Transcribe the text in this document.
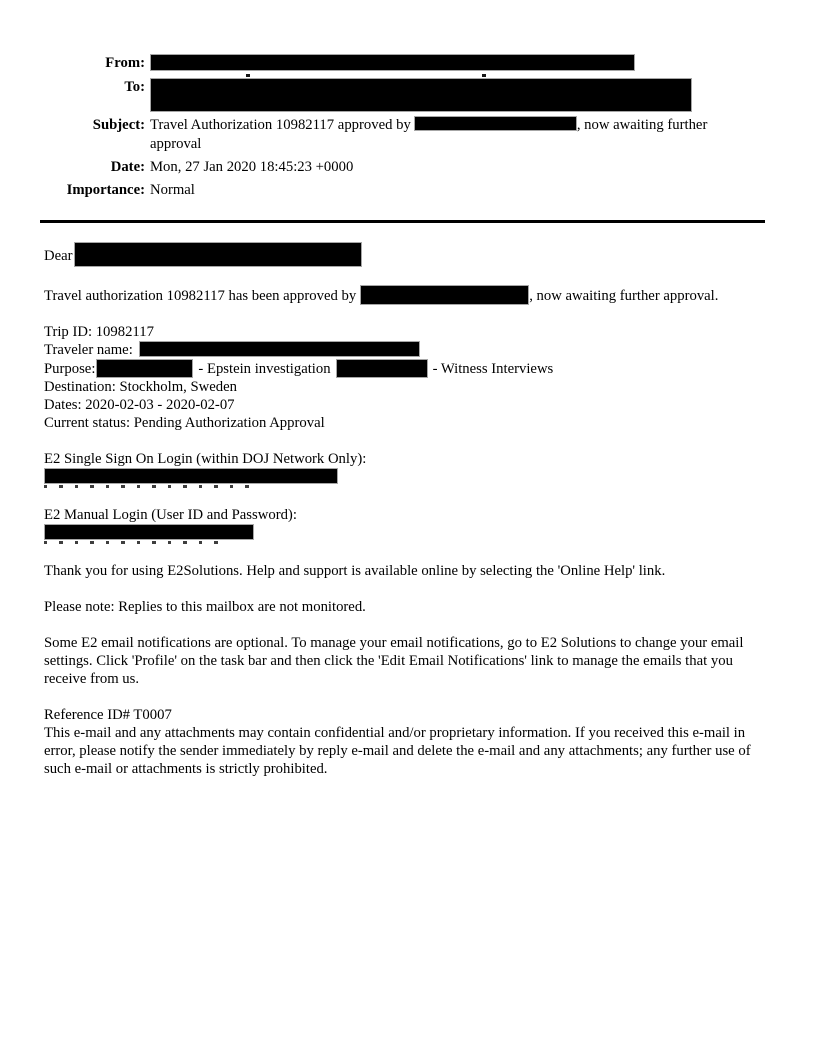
From:
To:
Subject: Travel Authorization 10982117 approved by	, now awaiting further approval
Date: Mon, 27 Jan 2020 18:45:23 +0000
Importance: Normal

Dear

Travel authorization 10982117 has been approved by	, now awaiting further approval.

Trip ID: 10982117
Traveler name:
Purpose:	- Epstein investigation	- Witness Interviews
Destination: Stockholm, Sweden
Dates: 2020-02-03 - 2020-02-07
Current status: Pending Authorization Approval

E2 Single Sign On Login (within DOJ Network Only):

E2 Manual Login (User ID and Password):

Thank you for using E2Solutions. Help and support is available online by selecting the 'Online Help' link.

Please note: Replies to this mailbox are not monitored.

Some E2 email notifications are optional. To manage your email notifications, go to E2 Solutions to change your email settings. Click 'Profile' on the task bar and then click the 'Edit Email Notifications' link to manage the emails that you receive from us.

Reference ID# T0007
This e-mail and any attachments may contain confidential and/or proprietary information. If you received this e-mail in error, please notify the sender immediately by reply e-mail and delete the e-mail and any attachments; any further use of such e-mail or attachments is strictly prohibited.
